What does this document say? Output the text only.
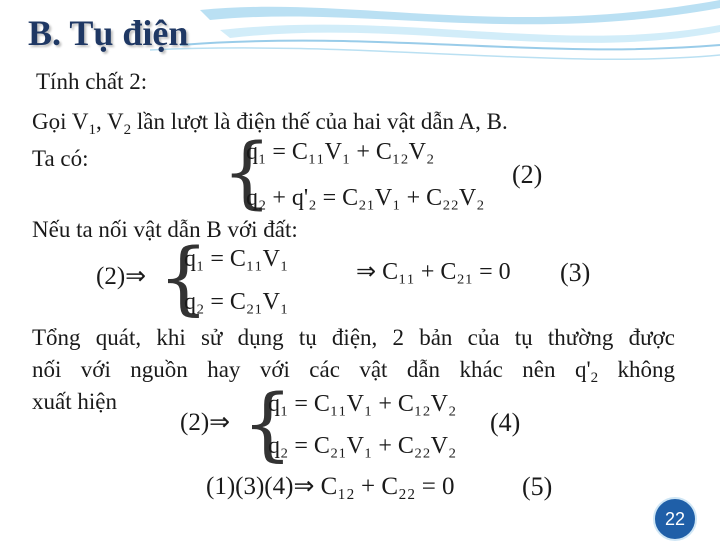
B. Tụ điện
Tính chất 2:
Gọi $V_1$, $V_2$ lần lượt là điện thế của hai vật dẫn A, B.
Ta có: {
q₁ = C₁₁V₁ + C₁₂V₂
q₂ + q'₂ = C₂₁V₁ + C₂₂V₂
(2)
Nếu ta nối vật dẫn B với đất:
(2)⇒ {
q₁ = C₁₁V₁
q₂ = C₂₁V₁
⇒ C₁₁ + C₂₁ = 0 (3)
Tổng quát, khi sử dụng tụ điện, 2 bản của tụ thường được
nối với nguồn hay với các vật dẫn khác nên $q'_2$ không
xuất hiện
(2)⇒ {
q₁ = C₁₁V₁ + C₁₂V₂
q₂ = C₂₁V₁ + C₂₂V₂
(4)
(1)(3)(4)⇒ C₁₂ + C₂₂ = 0	(5)
22
